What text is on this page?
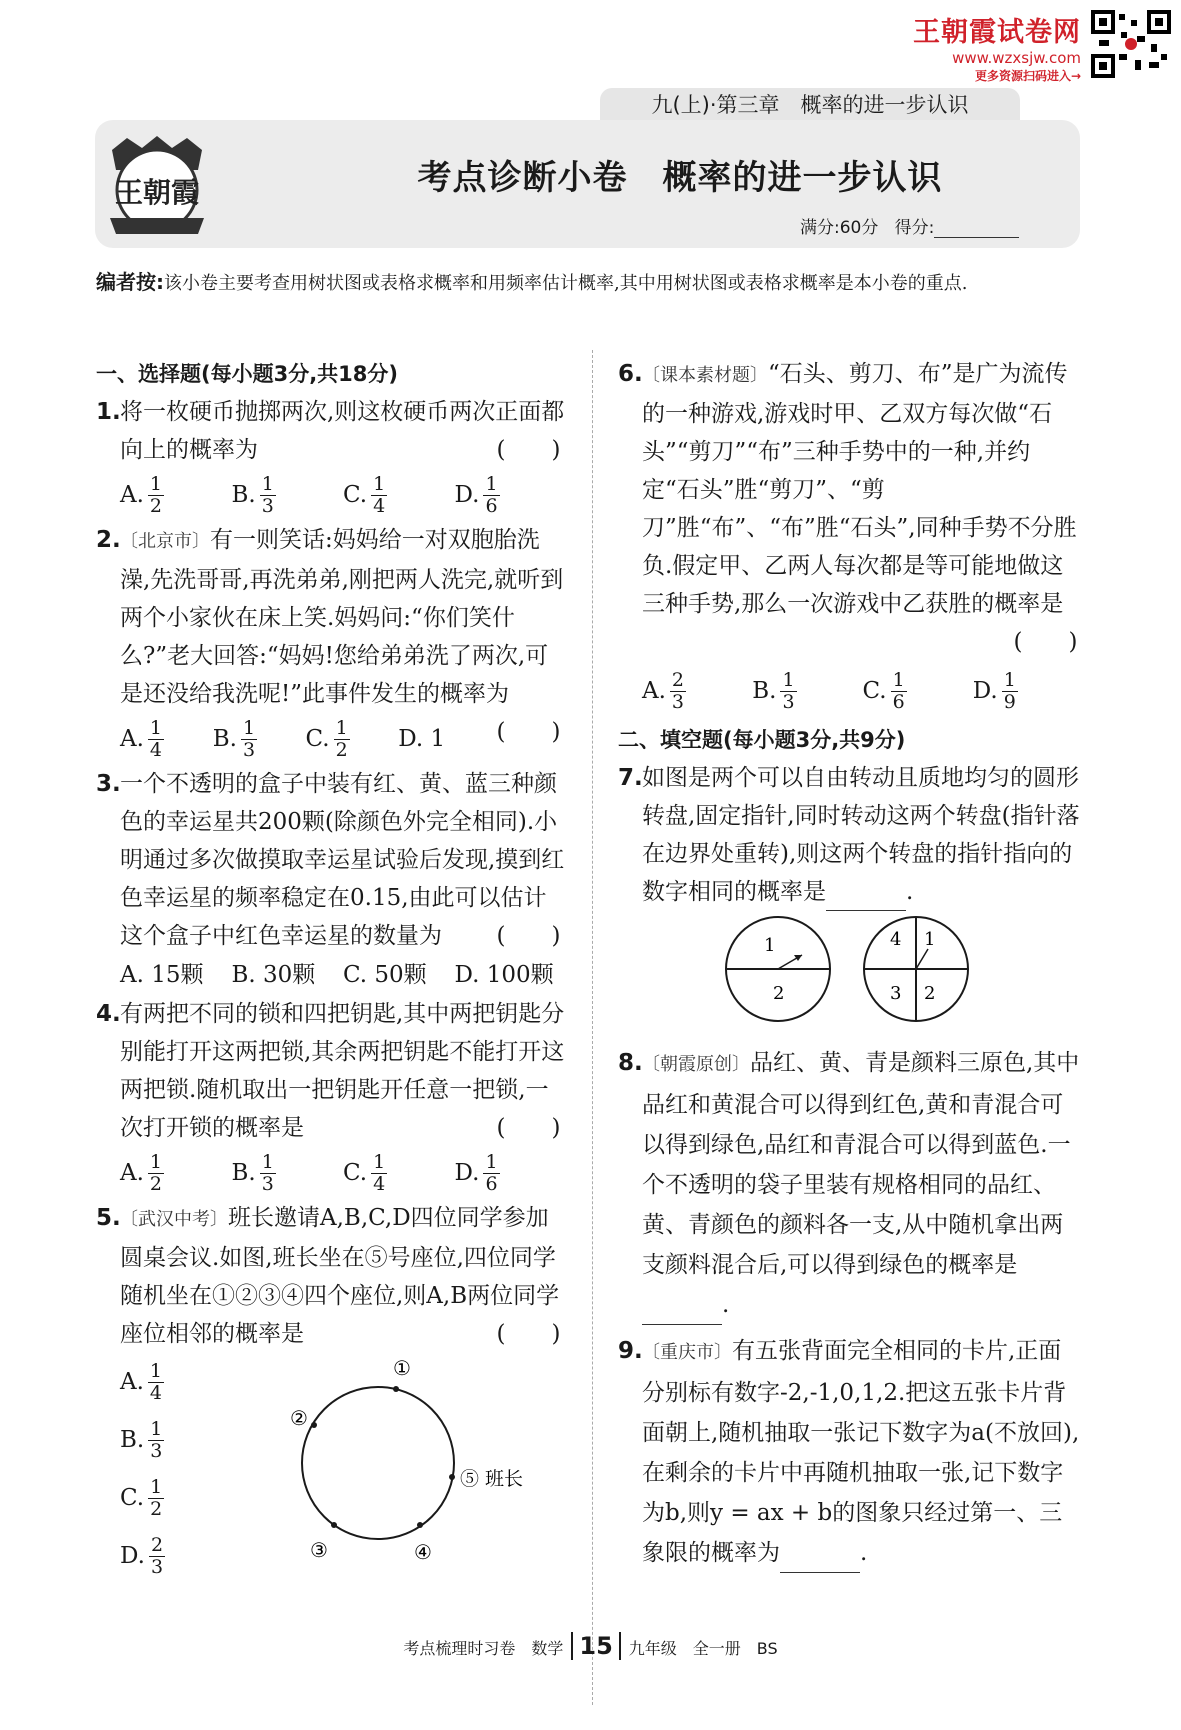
王朝霞试卷网
www.wzxsjw.com
更多资源扫码进入→
九(上)·第三章　概率的进一步认识
王朝霞	考点诊断小卷　概率的进一步认识
满分:60分 得分:
编者按:该小卷主要考查用树状图或表格求概率和用频率估计概率,其中用树状图或表格求概率是本小卷的重点.
一、选择题(每小题3分,共18分)
1. 将一枚硬币抛掷两次,则这枚硬币两次正面都向上的概率为	(　　)
A. $\frac{1}{2}$	B. $\frac{1}{3}$	C. $\frac{1}{4}$	D. $\frac{1}{6}$
2. 〔北京市〕有一则笑话:妈妈给一对双胞胎洗澡,先洗哥哥,再洗弟弟,刚把两人洗完,就听到两个小家伙在床上笑.妈妈问:“你们笑什么?”老大回答:“妈妈!您给弟弟洗了两次,可是还没给我洗呢!”此事件发生的概率为
(　　)
A. $\frac{1}{4} B$. $\frac{1}{3} C$. $\frac{1}{2} D$. 1
3. 一个不透明的盒子中装有红、黄、蓝三种颜色的幸运星共200颗(除颜色外完全相同).小明通过多次做摸取幸运星试验后发现,摸到红色幸运星的频率稳定在0.15,由此可以估计这个盒子中红色幸运星的数量为 (　　)
A. 15颗	B. 30颗	C. 50颗	D. 100颗
4. 有两把不同的锁和四把钥匙,其中两把钥匙分别能打开这两把锁,其余两把钥匙不能打开这两把锁.随机取出一把钥匙开任意一把锁,一次打开锁的概率是	(　　)
A. $\frac{1}{2}$	B. $\frac{1}{3}$	C. $\frac{1}{4}$	D. $\frac{1}{6}$
5. 〔武汉中考〕班长邀请A,B,C,D四位同学参加圆桌会议.如图,班长坐在⑤号座位,四位同学随机坐在①②③④四个座位,则A,B两位同学座位相邻的概率是	(　　)
A. $\frac{1}{4}$
B. $\frac{1}{3}$
C. $\frac{1}{2}$
D. $\frac{2}{3}$
①
②
③	④
⑤ 班长
6. 〔课本素材题〕“石头、剪刀、布”是广为流传的一种游戏,游戏时甲、乙双方每次做“石头”“剪刀”“布”三种手势中的一种,并约定“石头”胜“剪刀”、“剪刀”胜“布”、“布”胜“石头”,同种手势不分胜负.假定甲、乙两人每次都是等可能地做这三种手势,那么一次游戏中乙获胜的概率是
(　　)
A. $\frac{2}{3}$	B. $\frac{1}{3}$	C. $\frac{1}{6}$	D. $\frac{1}{9}$
二、填空题(每小题3分,共9分)
7. 如图是两个可以自由转动且质地均匀的圆形转盘,固定指针,同时转动这两个转盘(指针落在边界处重转),则这两个转盘的指针指向的数字相同的概率是	.
1
2
4 1
3 2
8. 〔朝霞原创〕品红、黄、青是颜料三原色,其中品红和黄混合可以得到红色,黄和青混合可以得到绿色,品红和青混合可以得到蓝色.一个不透明的袋子里装有规格相同的品红、黄、青颜色的颜料各一支,从中随机拿出两支颜料混合后,可以得到绿色的概率是.
9. 〔重庆市〕有五张背面完全相同的卡片,正面分别标有数字-2,-1,0,1,2.把这五张卡片背面朝上,随机抽取一张记下数字为a(不放回),在剩余的卡片中再随机抽取一张,记下数字为b,则y = ax + b的图象只经过第一、三象限的概率为	.
考点梳理时习卷　数学 15 九年级　全一册　BS
